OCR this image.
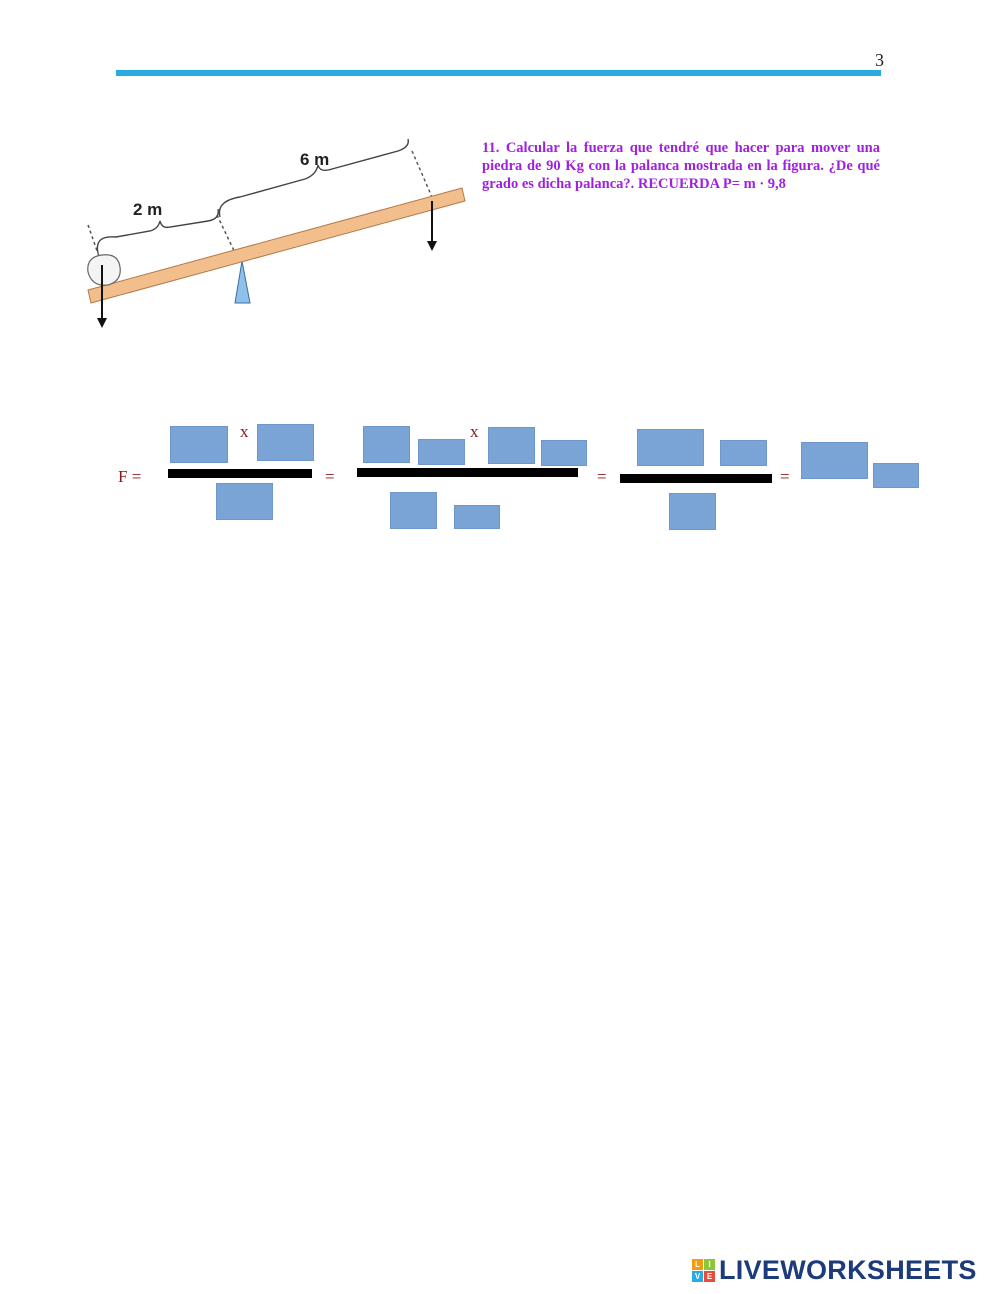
3
2 m
6 m
11. Calcular la fuerza que tendré que hacer para mover una piedra de 90 Kg con la palanca mostrada en la figura. ¿De qué grado es dicha palanca?. RECUERDA P= m · 9,8
F =
x
=
x
=	=
L	I
V E LIVEWORKSHEETS
